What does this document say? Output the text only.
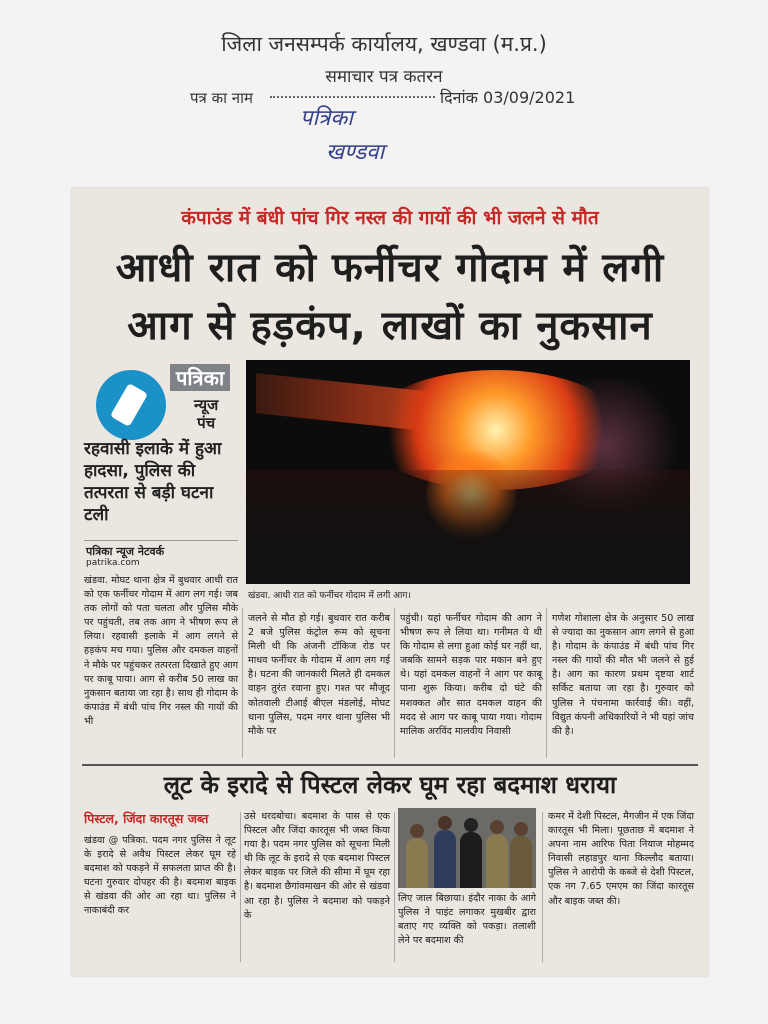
जिला जनसम्पर्क कार्यालय, खण्डवा (म.प्र.)
समाचार पत्र कतरन
पत्र का नाम	दिनांक 03/09/2021
पत्रिका
खण्डवा
कंपाउंड में बंधी पांच गिर नस्ल की गायों की भी जलने से मौत
आधी रात को फर्नीचर गोदाम में लगी
आग से हड़कंप, लाखों का नुकसान
पत्रिका
न्यूज
पंच
खंडवा. आधी रात को फर्नीचर गोदाम में लगी आग।
रहवासी इलाके में हुआ हादसा, पुलिस की तत्परता से बड़ी घटना टली
पत्रिका न्यूज नेटवर्क
patrika.com
खंडवा. मोघट थाना क्षेत्र में बुधवार आधी रात को एक फर्नीचर गोदाम में आग लग गई। जब तक लोगों को पता चलता और पुलिस मौके पर पहुंचती, तब तक आग ने भीषण रूप ले लिया। रहवासी इलाके में आग लगने से हड़कंप मच गया। पुलिस और दमकल वाहनों ने मौके पर पहुंचकर तत्परता दिखाते हुए आग पर काबू पाया। आग से करीब 50 लाख का नुकसान बताया जा रहा है। साथ ही गोदाम के कंपाउंड में बंधी पांच गिर नस्ल की गायों की भी
जलने से मौत हो गई। बुधवार रात करीब 2 बजे पुलिस कंट्रोल रूम को सूचना मिली थी कि अंजनी टॉकिज रोड पर माधव फर्नीचर के गोदाम में आग लग गई है। घटना की जानकारी मिलते ही दमकल वाहन तुरंत रवाना हुए। गश्त पर मौजूद कोतवाली टीआई बीएल मंडलोई, मोघट थाना पुलिस, पदम नगर थाना पुलिस भी मौके पर
पहुंची। यहां फर्नीचर गोदाम की आग ने भीषण रूप ले लिया था। गनीमत ये थी कि गोदाम से लगा हुआ कोई घर नहीं था, जबकि सामने सड़क पार मकान बने हुए थे। यहां दमकल वाहनों ने आग पर काबू पाना शुरू किया। करीब दो घंटे की मशक्कत और सात दमकल वाहन की मदद से आग पर काबू पाया गया। गोदाम मालिक अरविंद मालवीय निवासी
गणेश गोशाला क्षेत्र के अनुसार 50 लाख से ज्यादा का नुकसान आग लगने से हुआ है। गोदाम के कंपाउंड में बंधी पांच गिर नस्ल की गायों की मौत भी जलने से हुई है। आग का कारण प्रथम दृष्टया शार्ट सर्किट बताया जा रहा है। गुरुवार को पुलिस ने पंचनामा कार्रवाई की। वहीं, विद्युत कंपनी अधिकारियों ने भी यहां जांच की है।
लूट के इरादे से पिस्टल लेकर घूम रहा बदमाश धराया
पिस्टल, जिंदा कारतूस जब्त
खंडवा @ पत्रिका. पदम नगर पुलिस ने लूट के इरादे से अवैध पिस्टल लेकर घूम रहे बदमाश को पकड़ने में सफलता प्राप्त की है। घटना गुरुवार दोपहर की है। बदमाश बाइक से खंडवा की ओर आ रहा था। पुलिस ने नाकाबंदी कर
उसे धरदबोचा। बदमाश के पास से एक पिस्टल और जिंदा कारतूस भी जब्त किया गया है। पदम नगर पुलिस को सूचना मिली थी कि लूट के इरादे से एक बदमाश पिस्टल लेकर बाइक पर जिले की सीमा में घूम रहा है। बदमाश छैगांवमाखन की ओर से खंडवा आ रहा है। पुलिस ने बदमाश को पकड़ने के
लिए जाल बिछाया। इंदौर नाका के आगे पुलिस ने पाइंट लगाकर मुखबीर द्वारा बताए गए व्यक्ति को पकड़ा। तलाशी लेने पर बदमाश की
कमर में देशी पिस्टल, मैगजीन में एक जिंदा कारतूस भी मिला। पूछताछ में बदमाश ने अपना नाम आरिफ पिता नियाज मोहम्मद निवासी लहाडपुर थाना किल्लौद बताया। पुलिस ने आरोपी के कब्जे से देशी पिस्टल, एक नग 7.65 एमएम का जिंदा कारतूस और बाइक जब्त की।
